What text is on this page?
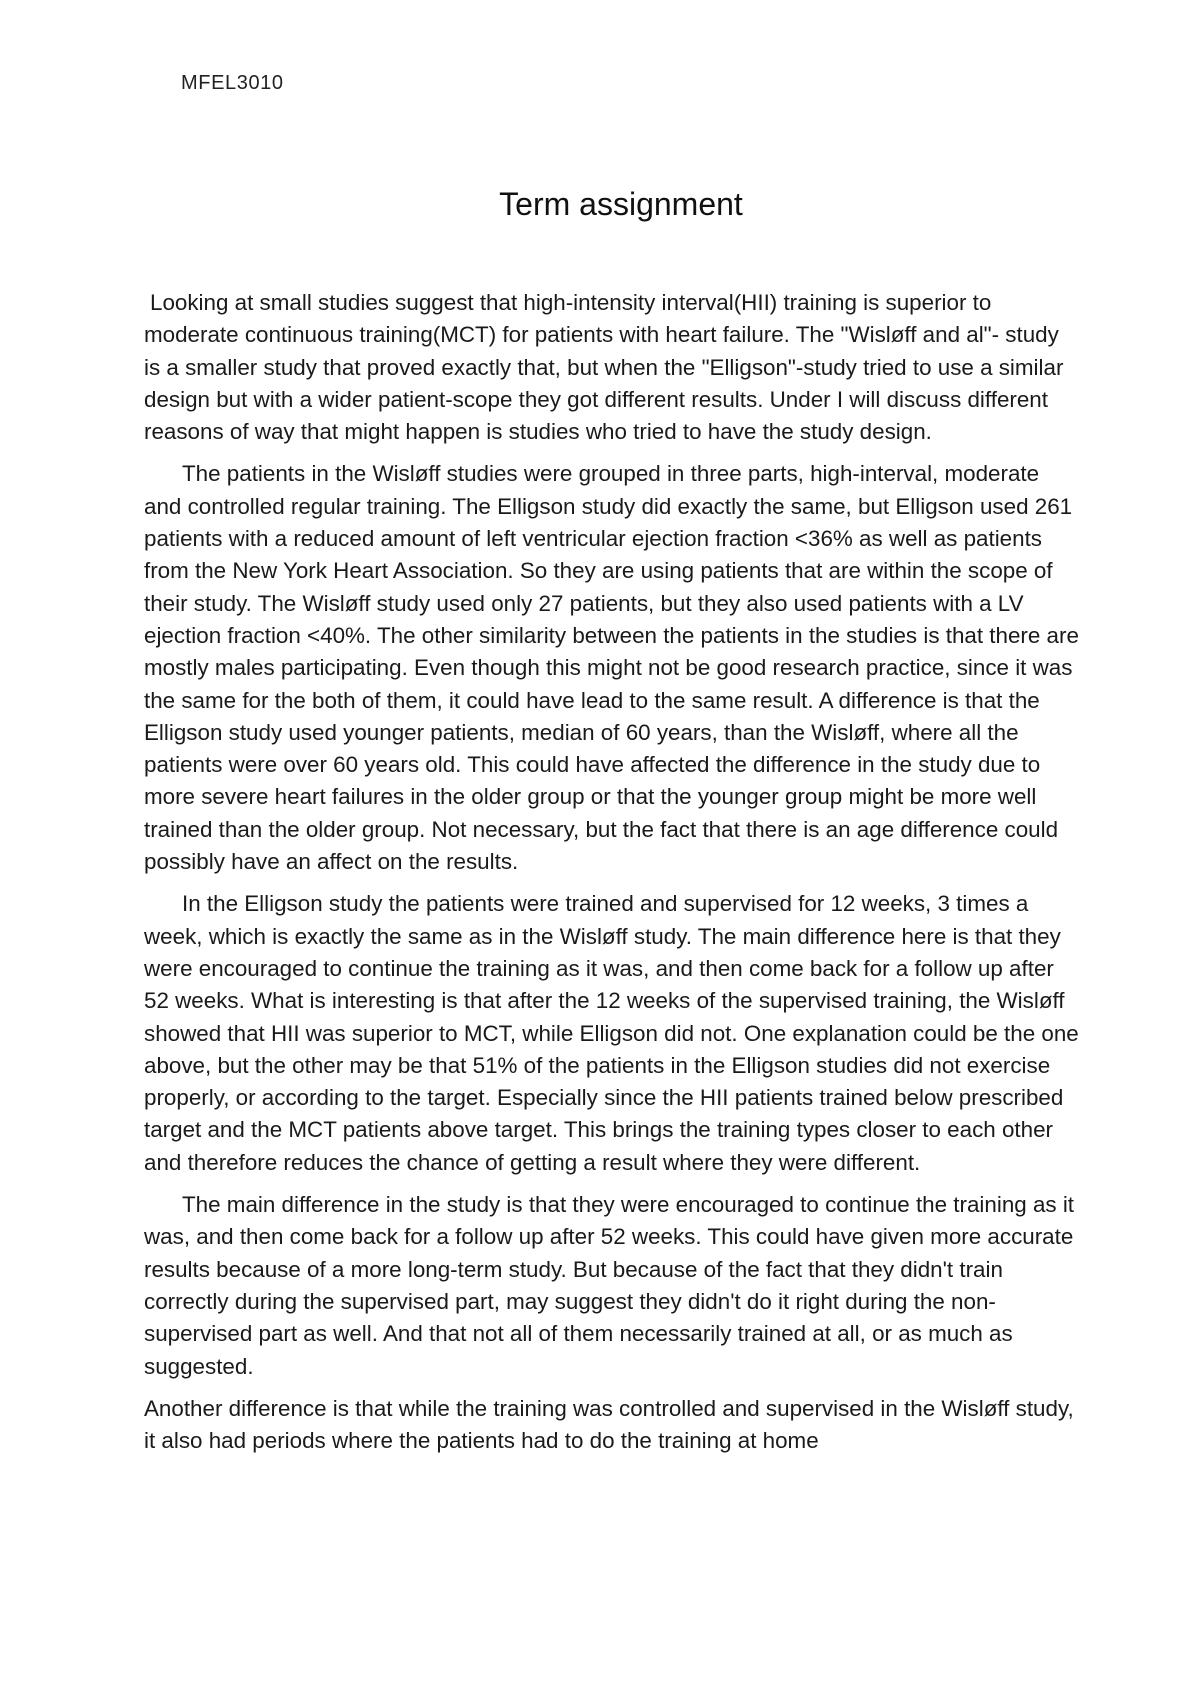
MFEL3010

Term assignment

Looking at small studies suggest that high-intensity interval(HII) training is superior to moderate continuous training(MCT) for patients with heart failure. The "Wisløff and al"- study is a smaller study that proved exactly that, but when the "Elligson"-study tried to use a similar design but with a wider patient-scope they got different results. Under I will discuss different reasons of way that might happen is studies who tried to have the study design.

The patients in the Wisløff studies were grouped in three parts, high-interval, moderate and controlled regular training. The Elligson study did exactly the same, but Elligson used 261 patients with a reduced amount of left ventricular ejection fraction <36% as well as patients from the New York Heart Association. So they are using patients that are within the scope of their study. The Wisløff study used only 27 patients, but they also used patients with a LV ejection fraction <40%. The other similarity between the patients in the studies is that there are mostly males participating. Even though this might not be good research practice, since it was the same for the both of them, it could have lead to the same result. A difference is that the Elligson study used younger patients, median of 60 years, than the Wisløff, where all the patients were over 60 years old. This could have affected the difference in the study due to more severe heart failures in the older group or that the younger group might be more well trained than the older group. Not necessary, but the fact that there is an age difference could possibly have an affect on the results.

In the Elligson study the patients were trained and supervised for 12 weeks, 3 times a week, which is exactly the same as in the Wisløff study. The main difference here is that they were encouraged to continue the training as it was, and then come back for a follow up after 52 weeks. What is interesting is that after the 12 weeks of the supervised training, the Wisløff showed that HII was superior to MCT, while Elligson did not. One explanation could be the one above, but the other may be that 51% of the patients in the Elligson studies did not exercise properly, or according to the target. Especially since the HII patients trained below prescribed target and the MCT patients above target. This brings the training types closer to each other and therefore reduces the chance of getting a result where they were different.

The main difference in the study is that they were encouraged to continue the training as it was, and then come back for a follow up after 52 weeks. This could have given more accurate results because of a more long-term study. But because of the fact that they didn't train correctly during the supervised part, may suggest they didn't do it right during the non-supervised part as well. And that not all of them necessarily trained at all, or as much as suggested.

Another difference is that while the training was controlled and supervised in the Wisløff study, it also had periods where the patients had to do the training at home
